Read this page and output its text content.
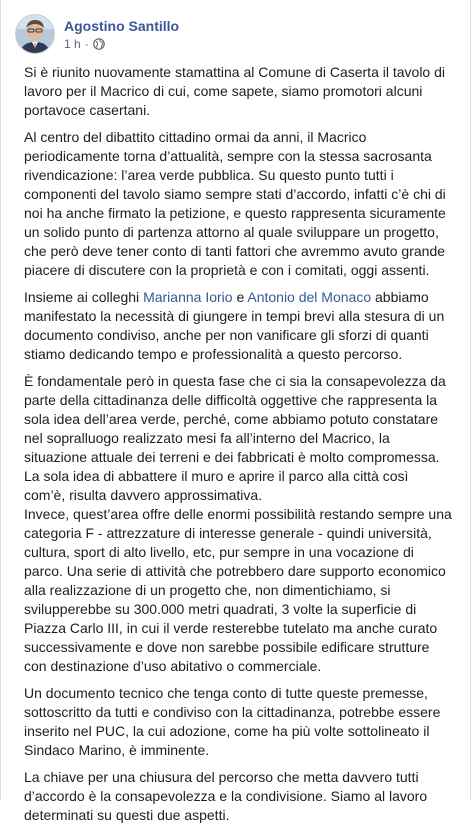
Agostino Santillo
1 h ·

Si è riunito nuovamente stamattina al Comune di Caserta il tavolo di lavoro per il Macrico di cui, come sapete, siamo promotori alcuni portavoce casertani.

Al centro del dibattito cittadino ormai da anni, il Macrico periodicamente torna d’attualità, sempre con la stessa sacrosanta rivendicazione: l’area verde pubblica. Su questo punto tutti i componenti del tavolo siamo sempre stati d’accordo, infatti c’è chi di noi ha anche firmato la petizione, e questo rappresenta sicuramente un solido punto di partenza attorno al quale sviluppare un progetto, che però deve tener conto di tanti fattori che avremmo avuto grande piacere di discutere con la proprietà e con i comitati, oggi assenti.

Insieme ai colleghi Marianna Iorio e Antonio del Monaco abbiamo manifestato la necessità di giungere in tempi brevi alla stesura di un documento condiviso, anche per non vanificare gli sforzi di quanti stiamo dedicando tempo e professionalità a questo percorso.

È fondamentale però in questa fase che ci sia la consapevolezza da parte della cittadinanza delle difficoltà oggettive che rappresenta la sola idea dell’area verde, perché, come abbiamo potuto constatare nel sopralluogo realizzato mesi fa all’interno del Macrico, la situazione attuale dei terreni e dei fabbricati è molto compromessa. La sola idea di abbattere il muro e aprire il parco alla città così com’è, risulta davvero approssimativa.

Invece, quest’area offre delle enormi possibilità restando sempre una categoria F - attrezzature di interesse generale - quindi università, cultura, sport di alto livello, etc, pur sempre in una vocazione di parco. Una serie di attività che potrebbero dare supporto economico alla realizzazione di un progetto che, non dimentichiamo, si svilupperebbe su 300.000 metri quadrati, 3 volte la superficie di Piazza Carlo III, in cui il verde resterebbe tutelato ma anche curato successivamente e dove non sarebbe possibile edificare strutture con destinazione d’uso abitativo o commerciale.

Un documento tecnico che tenga conto di tutte queste premesse, sottoscritto da tutti e condiviso con la cittadinanza, potrebbe essere inserito nel PUC, la cui adozione, come ha più volte sottolineato il Sindaco Marino, è imminente.

La chiave per una chiusura del percorso che metta davvero tutti d’accordo è la consapevolezza e la condivisione. Siamo al lavoro determinati su questi due aspetti.
